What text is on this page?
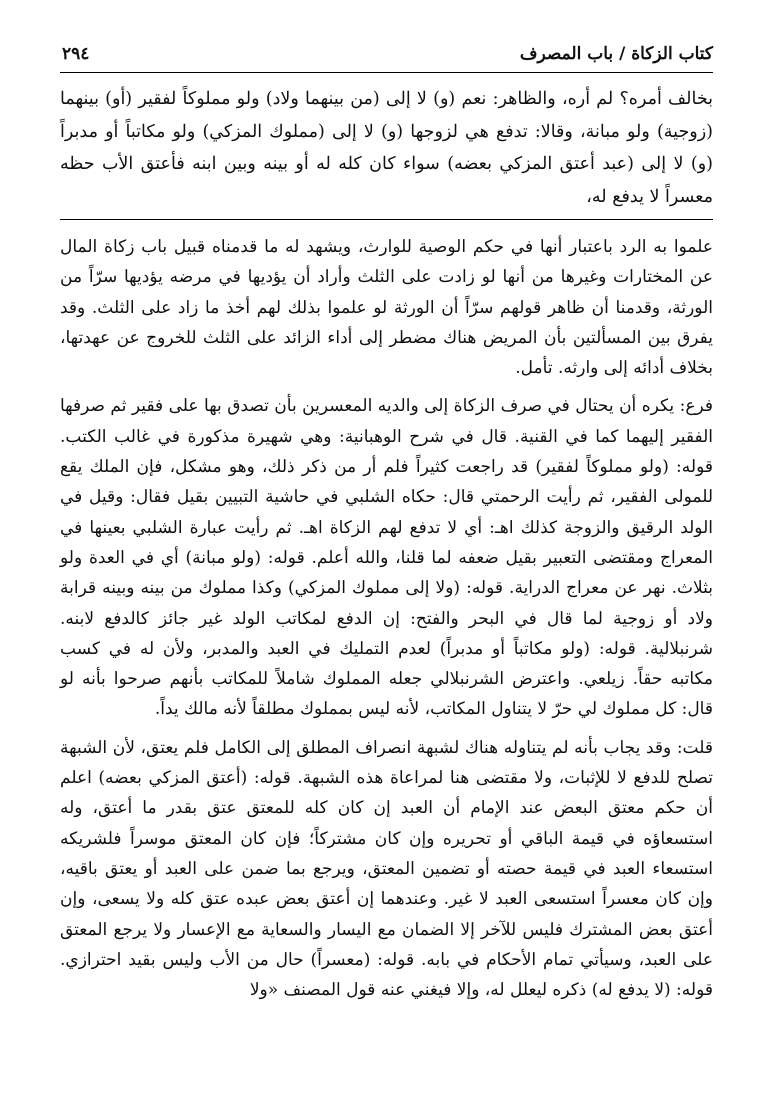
كتاب الزكاة / باب المصرف
٢٩٤

بخالف أمره؟ لم أره، والظاهر: نعم (و) لا إلى (من بينهما ولاد) ولو مملوكاً لفقير (أو) بينهما (زوجية) ولو مبانة، وقالا: تدفع هي لزوجها (و) لا إلى (مملوك المزكي) ولو مكاتباً أو مدبراً (و) لا إلى (عبد أعتق المزكي بعضه) سواء كان كله له أو بينه وبين ابنه فأعتق الأب حظه معسراً لا يدفع له،

علموا به الرد باعتبار أنها في حكم الوصية للوارث، ويشهد له ما قدمناه قبيل باب زكاة المال عن المختارات وغيرها من أنها لو زادت على الثلث وأراد أن يؤديها في مرضه يؤديها سرّاً من الورثة، وقدمنا أن ظاهر قولهم سرّاً أن الورثة لو علموا بذلك لهم أخذ ما زاد على الثلث. وقد يفرق بين المسألتين بأن المريض هناك مضطر إلى أداء الزائد على الثلث للخروج عن عهدتها، بخلاف أدائه إلى وارثه. تأمل.

فرع: يكره أن يحتال في صرف الزكاة إلى والديه المعسرين بأن تصدق بها على فقير ثم صرفها الفقير إليهما كما في القنية. قال في شرح الوهبانية: وهي شهيرة مذكورة في غالب الكتب. قوله: (ولو مملوكاً لفقير) قد راجعت كثيراً فلم أر من ذكر ذلك، وهو مشكل، فإن الملك يقع للمولى الفقير، ثم رأيت الرحمتي قال: حكاه الشلبي في حاشية التبيين بقيل فقال: وقيل في الولد الرقيق والزوجة كذلك اهـ: أي لا تدفع لهم الزكاة اهـ. ثم رأيت عبارة الشلبي بعينها في المعراج ومقتضى التعبير بقيل ضعفه لما قلنا، والله أعلم. قوله: (ولو مبانة) أي في العدة ولو بثلاث. نهر عن معراج الدراية. قوله: (ولا إلى مملوك المزكي) وكذا مملوك من بينه وبينه قرابة ولاد أو زوجية لما قال في البحر والفتح: إن الدفع لمكاتب الولد غير جائز كالدفع لابنه. شرنبلالية. قوله: (ولو مكاتباً أو مدبراً) لعدم التمليك في العبد والمدبر، ولأن له في كسب مكاتبه حقاً. زيلعي. واعترض الشرنبلالي جعله المملوك شاملاً للمكاتب بأنهم صرحوا بأنه لو قال: كل مملوك لي حرّ لا يتناول المكاتب، لأنه ليس بمملوك مطلقاً لأنه مالك يداً.

قلت: وقد يجاب بأنه لم يتناوله هناك لشبهة انصراف المطلق إلى الكامل فلم يعتق، لأن الشبهة تصلح للدفع لا للإثبات، ولا مقتضى هنا لمراعاة هذه الشبهة. قوله: (أعتق المزكي بعضه) اعلم أن حكم معتق البعض عند الإمام أن العبد إن كان كله للمعتق عتق بقدر ما أعتق، وله استسعاؤه في قيمة الباقي أو تحريره وإن كان مشتركاً؛ فإن كان المعتق موسراً فلشريكه استسعاء العبد في قيمة حصته أو تضمين المعتق، ويرجع بما ضمن على العبد أو يعتق باقيه، وإن كان معسراً استسعى العبد لا غير. وعندهما إن أعتق بعض عبده عتق كله ولا يسعى، وإن أعتق بعض المشترك فليس للآخر إلا الضمان مع اليسار والسعاية مع الإعسار ولا يرجع المعتق على العبد، وسيأتي تمام الأحكام في بابه. قوله: (معسراً) حال من الأب وليس بقيد احترازي. قوله: (لا يدفع له) ذكره ليعلل له، وإلا فيغني عنه قول المصنف «ولا
